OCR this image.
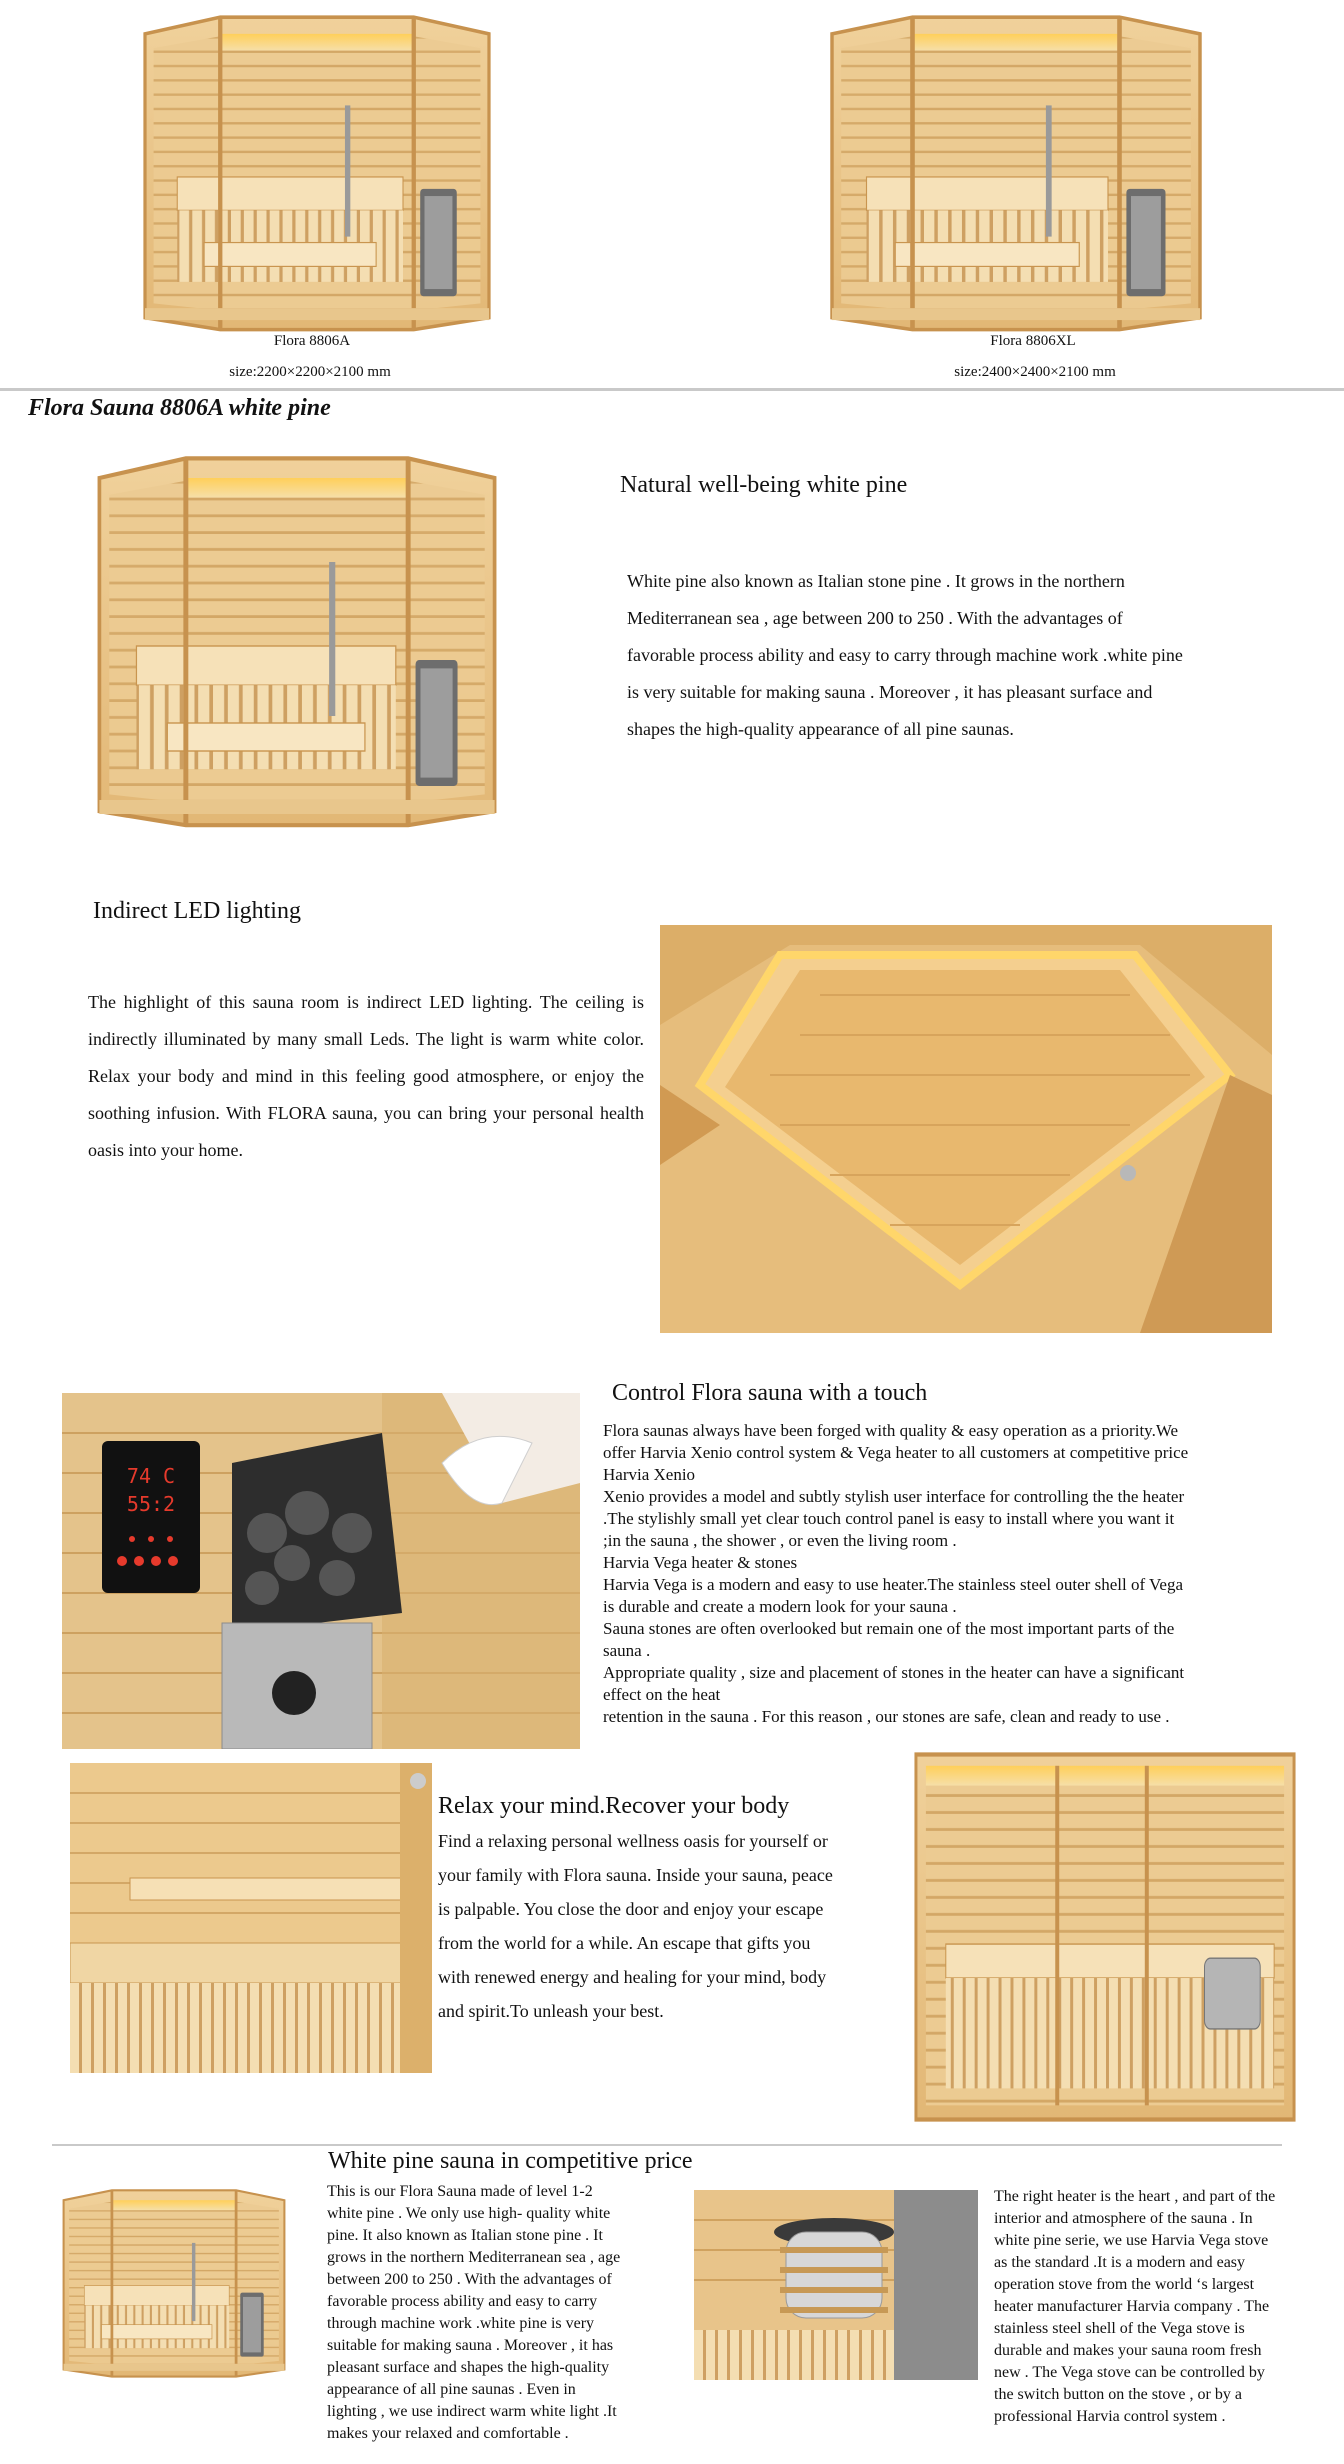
Flora 8806A
size:2200×2200×2100 mm
Flora 8806XL
size:2400×2400×2100 mm
Flora Sauna 8806A white pine
Natural well-being white pine
White pine also known as Italian stone pine . It grows in the northern
Mediterranean sea , age between 200 to 250 . With the advantages of
favorable process ability and easy to carry through machine work .white pine
is very suitable for making sauna . Moreover , it has pleasant surface and
shapes the high-quality appearance of all pine saunas.
Indirect LED lighting

The highlight of this sauna room is indirect LED lighting. The ceiling is indirectly illuminated by many small Leds. The light is warm white color. Relax your body and mind in this feeling good atmosphere, or enjoy the soothing infusion. With FLORA sauna, you can bring your personal health oasis into your home.

74 C
55:2
Control Flora sauna with a touch
Flora saunas always have been forged with quality & easy operation as a priority.We
offer Harvia Xenio control system & Vega heater to all customers at competitive price
Harvia Xenio
Xenio provides a model and subtly stylish user interface for controlling the the heater
.The stylishly small yet clear touch control panel is easy to install where you want it
;in the sauna , the shower , or even the living room .
Harvia Vega heater & stones
Harvia Vega is a modern and easy to use heater.The stainless steel outer shell of Vega
is durable and create a modern look for your sauna .
Sauna stones are often overlooked but remain one of the most important parts of the
sauna .
Appropriate quality , size and placement of stones in the heater can have a significant
effect on the heat
retention in the sauna . For this reason , our stones are safe, clean and ready to use .
Relax your mind.Recover your body
Find a relaxing personal wellness oasis for yourself or
your family with Flora sauna. Inside your sauna, peace
is palpable. You close the door and enjoy your escape
from the world for a while. An escape that gifts you
with renewed energy and healing for your mind, body
and spirit.To unleash your best.
White pine sauna in competitive price
This is our Flora Sauna made of level 1-2
white pine . We only use high- quality white
pine. It also known as Italian stone pine . It
grows in the northern Mediterranean sea , age
between 200 to 250 . With the advantages of
favorable process ability and easy to carry
through machine work .white pine is very
suitable for making sauna . Moreover , it has
pleasant surface and shapes the high-quality
appearance of all pine saunas . Even in
lighting , we use indirect warm white light .It
makes your relaxed and comfortable .
The right heater is the heart , and part of the
interior and atmosphere of the sauna . In
white pine serie, we use Harvia Vega stove
as the standard .It is a modern and easy
operation stove from the world ‘s largest
heater manufacturer Harvia company . The
stainless steel shell of the Vega stove is
durable and makes your sauna room fresh
new . The Vega stove can be controlled by
the switch button on the stove , or by a
professional Harvia control system .
